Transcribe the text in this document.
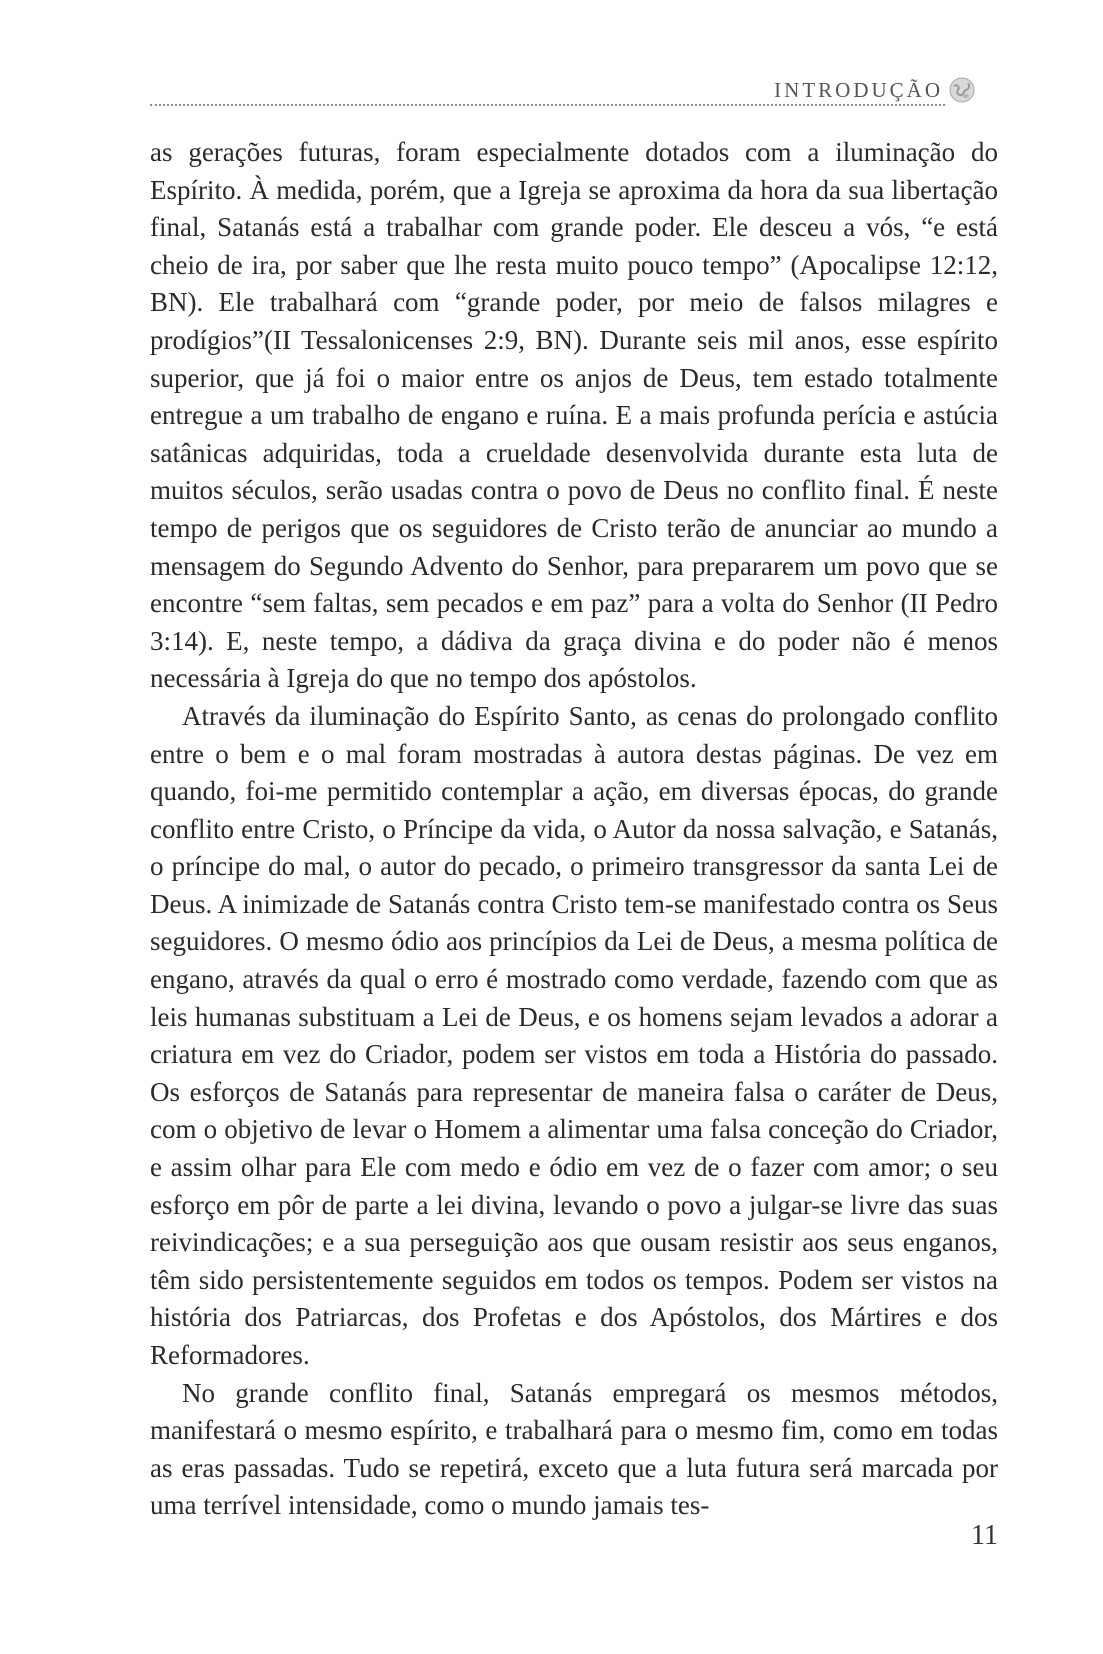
INTRODUÇÃO

as gerações futuras, foram especialmente dotados com a iluminação do Espírito. À medida, porém, que a Igreja se aproxima da hora da sua libertação final, Satanás está a trabalhar com grande poder. Ele desceu a vós, “e está cheio de ira, por saber que lhe resta muito pouco tempo” (Apocalipse 12:12, BN). Ele trabalhará com “grande poder, por meio de falsos milagres e prodígios”(II Tessalonicenses 2:9, BN). Durante seis mil anos, esse espírito superior, que já foi o maior entre os anjos de Deus, tem estado totalmente entregue a um trabalho de engano e ruína. E a mais profunda perícia e astúcia satânicas adquiridas, toda a crueldade desenvolvida durante esta luta de muitos séculos, serão usadas contra o povo de Deus no conflito final. É neste tempo de perigos que os seguidores de Cristo terão de anunciar ao mundo a mensagem do Segundo Advento do Senhor, para prepararem um povo que se encontre “sem faltas, sem pecados e em paz” para a volta do Senhor (II Pedro 3:14). E, neste tempo, a dádiva da graça divina e do poder não é menos necessária à Igreja do que no tempo dos apóstolos.

Através da iluminação do Espírito Santo, as cenas do prolongado conflito entre o bem e o mal foram mostradas à autora destas páginas. De vez em quando, foi-me permitido contemplar a ação, em diversas épocas, do grande conflito entre Cristo, o Príncipe da vida, o Autor da nossa salvação, e Satanás, o príncipe do mal, o autor do pecado, o primeiro transgressor da santa Lei de Deus. A inimizade de Satanás contra Cristo tem-se manifestado contra os Seus seguidores. O mesmo ódio aos princípios da Lei de Deus, a mesma política de engano, através da qual o erro é mostrado como verdade, fazendo com que as leis humanas substituam a Lei de Deus, e os homens sejam levados a adorar a criatura em vez do Criador, podem ser vistos em toda a História do passado. Os esforços de Satanás para representar de maneira falsa o caráter de Deus, com o objetivo de levar o Homem a alimentar uma falsa conceção do Criador, e assim olhar para Ele com medo e ódio em vez de o fazer com amor; o seu esforço em pôr de parte a lei divina, levando o povo a julgar-se livre das suas reivindicações; e a sua perseguição aos que ousam resistir aos seus enganos, têm sido persistentemente seguidos em todos os tempos. Podem ser vistos na história dos Patriarcas, dos Profetas e dos Apóstolos, dos Mártires e dos Reformadores.

No grande conflito final, Satanás empregará os mesmos métodos, manifestará o mesmo espírito, e trabalhará para o mesmo fim, como em todas as eras passadas. Tudo se repetirá, exceto que a luta futura será marcada por uma terrível intensidade, como o mundo jamais tes-

11
